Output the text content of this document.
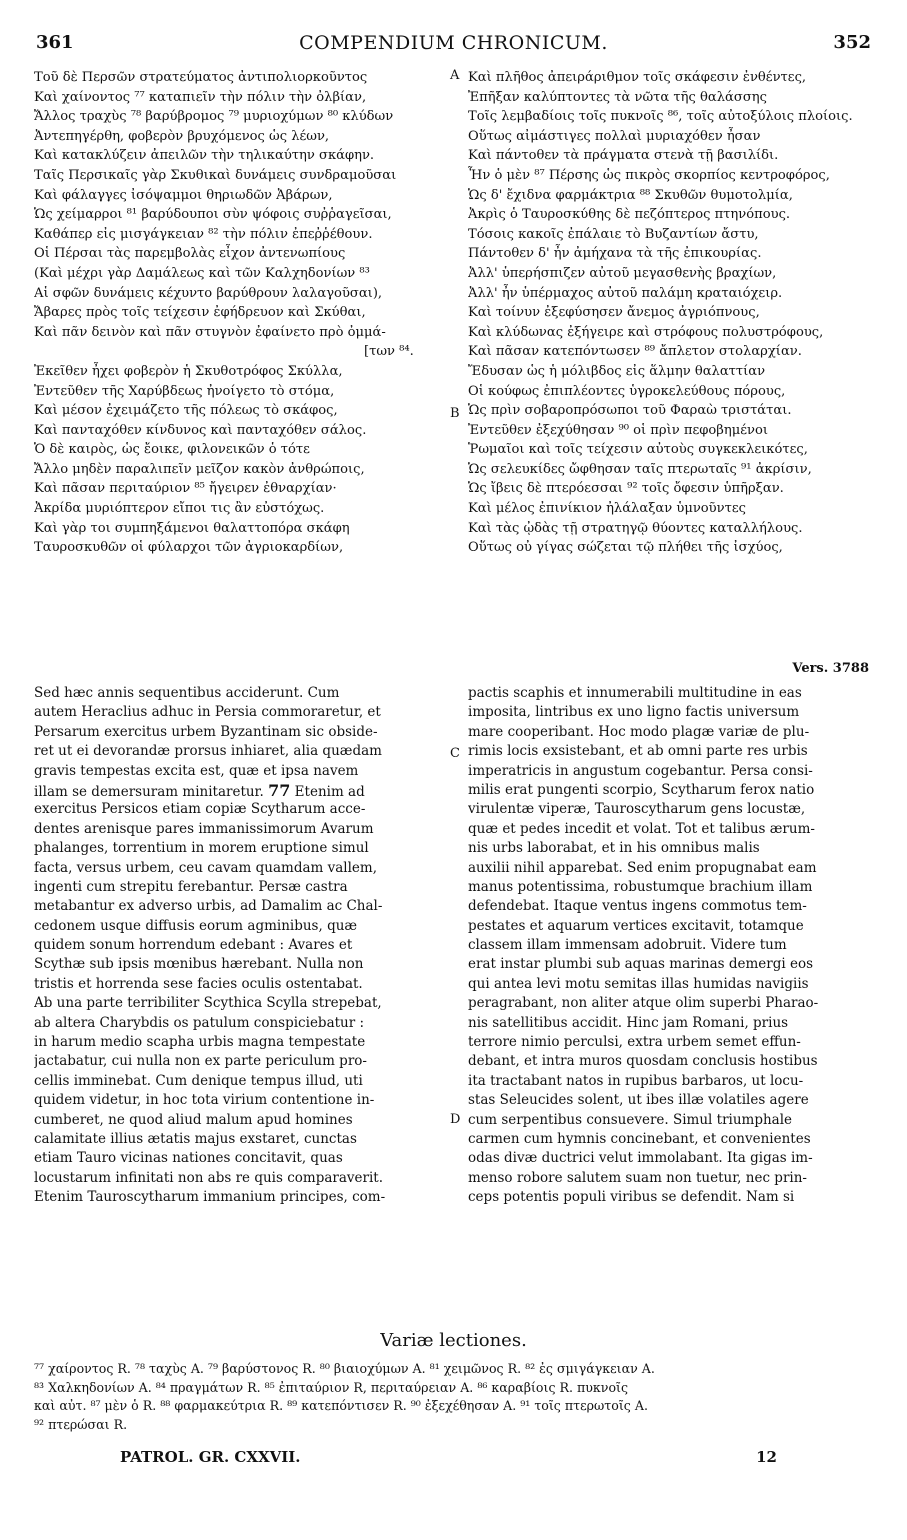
361	COMPENDIUM CHRONICUM.	352
Τοῦ δὲ Περσῶν στρατεύματος ἀντιπολιορκοῦντος
Καὶ χαίνοντος ⁷⁷ καταπιεῖν τὴν πόλιν τὴν ὀλβίαν,
Ἄλλος τραχὺς ⁷⁸ βαρύβρομος ⁷⁹ μυριοχύμων ⁸⁰ κλύδων
Ἀντεπηγέρθη, φοβερὸν βρυχόμενος ὡς λέων,
Καὶ κατακλύζειν ἀπειλῶν τὴν τηλικαύτην σκάφην.
Ταῖς Περσικαῖς γὰρ Σκυθικαὶ δυνάμεις συνδραμοῦσαι
Καὶ φάλαγγες ἰσόψαμμοι θηριωδῶν Ἀβάρων,
Ὡς χείμαρροι ⁸¹ βαρύδουποι σὺν ψόφοις συῤῥαγεῖσαι,
Καθάπερ εἰς μισγάγκειαν ⁸² τὴν πόλιν ἐπεῤῥέθουν.
Οἱ Πέρσαι τὰς παρεμβολὰς εἶχον ἀντενωπίους
(Καὶ μέχρι γὰρ Δαμάλεως καὶ τῶν Καλχηδονίων ⁸³
Αἱ σφῶν δυνάμεις κέχυντο βαρύθρουν λαλαγοῦσαι),
Ἄβαρες πρὸς τοῖς τείχεσιν ἐφήδρευον καὶ Σκύθαι,
Καὶ πᾶν δεινὸν καὶ πᾶν στυγνὸν ἐφαίνετο πρὸ ὀμμά-
[των ⁸⁴.
Ἐκεῖθεν ἦχει φοβερὸν ἡ Σκυθοτρόφος Σκύλλα,
Ἐντεῦθεν τῆς Χαρύβδεως ἠνοίγετο τὸ στόμα,
Καὶ μέσον ἐχειμάζετο τῆς πόλεως τὸ σκάφος,
Καὶ πανταχόθεν κίνδυνος καὶ πανταχόθεν σάλος.
Ὁ δὲ καιρὸς, ὡς ἔοικε, φιλονεικῶν ὁ τότε
Ἄλλο μηδὲν παραλιπεῖν μεῖζον κακὸν ἀνθρώποις,
Καὶ πᾶσαν περιταύριον ⁸⁵ ἤγειρεν ἐθναρχίαν·
Ἀκρίδα μυριόπτερον εἴποι τις ἂν εὐστόχως.
Καὶ γὰρ τοι συμπηξάμενοι θαλαττοπόρα σκάφη
Ταυροσκυθῶν οἱ φύλαρχοι τῶν ἀγριοκαρδίων,
Καὶ πλῆθος ἀπειράριθμον τοῖς σκάφεσιν ἐνθέντες,
Ἐπῆξαν καλύπτοντες τὰ νῶτα τῆς θαλάσσης
Τοῖς λεμβαδίοις τοῖς πυκνοῖς ⁸⁶, τοῖς αὐτοξύλοις πλοίοις.
Οὕτως αἰμάστιγες πολλαὶ μυριαχόθεν ἦσαν
Καὶ πάντοθεν τὰ πράγματα στενὰ τῇ βασιλίδι.
Ἦν ὁ μὲν ⁸⁷ Πέρσης ὡς πικρὸς σκορπίος κεντροφόρος,
Ὡς δ' ἔχιδνα φαρμάκτρια ⁸⁸ Σκυθῶν θυμοτολμία,
Ἀκρὶς ὁ Ταυροσκύθης δὲ πεζόπτερος πτηνόπους.
Τόσοις κακοῖς ἐπάλαιε τὸ Βυζαντίων ἄστυ,
Πάντοθεν δ' ἦν ἀμήχανα τὰ τῆς ἐπικουρίας.
Ἀλλ' ὑπερήσπιζεν αὐτοῦ μεγασθενὴς βραχίων,
Ἀλλ' ἦν ὑπέρμαχος αὐτοῦ παλάμη κραταιόχειρ.
Καὶ τοίνυν ἐξεφύσησεν ἄνεμος ἀγριόπνους,
Καὶ κλύδωνας ἐξήγειρε καὶ στρόφους πολυστρόφους,
Καὶ πᾶσαν κατεπόντωσεν ⁸⁹ ἄπλετον στολαρχίαν.
Ἔδυσαν ὡς ἡ μόλιβδος εἰς ἅλμην θαλαττίαν
Οἱ κούφως ἐπιπλέοντες ὑγροκελεύθους πόρους,
Ὡς πρὶν σοβαροπρόσωποι τοῦ Φαραὼ τριστάται.
Ἐντεῦθεν ἐξεχύθησαν ⁹⁰ οἱ πρὶν πεφοβημένοι
Ῥωμαῖοι καὶ τοῖς τείχεσιν αὐτοὺς συγκεκλεικότες,
Ὡς σελευκίδες ὤφθησαν ταῖς πτερωταῖς ⁹¹ ἀκρίσιν,
Ὡς ἴβεις δὲ πτερόεσσαι ⁹² τοῖς ὄφεσιν ὑπῆρξαν.
Καὶ μέλος ἐπινίκιον ἠλάλαξαν ὑμνοῦντες
Καὶ τὰς ᾠδὰς τῇ στρατηγῷ θύοντες καταλλήλους.
Οὕτως οὐ γίγας σώζεται τῷ πλήθει τῆς ἰσχύος,
A
B
C
D
Vers. 3788
Sed hæc annis sequentibus acciderunt. Cum
autem Heraclius adhuc in Persia commoraretur, et
Persarum exercitus urbem Byzantinam sic obside-
ret ut ei devorandæ prorsus inhiaret, alia quædam
gravis tempestas excita est, quæ et ipsa navem
illam se demersuram minitaretur. 77 Etenim ad
exercitus Persicos etiam copiæ Scytharum acce-
dentes arenisque pares immanissimorum Avarum
phalanges, torrentium in morem eruptione simul
facta, versus urbem, ceu cavam quamdam vallem,
ingenti cum strepitu ferebantur. Persæ castra
metabantur ex adverso urbis, ad Damalim ac Chal-
cedonem usque diffusis eorum agminibus, quæ
quidem sonum horrendum edebant : Avares et
Scythæ sub ipsis mœnibus hærebant. Nulla non
tristis et horrenda sese facies oculis ostentabat.
Ab una parte terribiliter Scythica Scylla strepebat,
ab altera Charybdis os patulum conspiciebatur :
in harum medio scapha urbis magna tempestate
jactabatur, cui nulla non ex parte periculum pro-
cellis imminebat. Cum denique tempus illud, uti
quidem videtur, in hoc tota virium contentione in-
cumberet, ne quod aliud malum apud homines
calamitate illius ætatis majus exstaret, cunctas
etiam Tauro vicinas nationes concitavit, quas
locustarum infinitati non abs re quis comparaverit.
Etenim Tauroscytharum immanium principes, com-
pactis scaphis et innumerabili multitudine in eas
imposita, lintribus ex uno ligno factis universum
mare cooperibant. Hoc modo plagæ variæ de plu-
rimis locis exsistebant, et ab omni parte res urbis
imperatricis in angustum cogebantur. Persa consi-
milis erat pungenti scorpio, Scytharum ferox natio
virulentæ viperæ, Tauroscytharum gens locustæ,
quæ et pedes incedit et volat. Tot et talibus ærum-
nis urbs laborabat, et in his omnibus malis
auxilii nihil apparebat. Sed enim propugnabat eam
manus potentissima, robustumque brachium illam
defendebat. Itaque ventus ingens commotus tem-
pestates et aquarum vertices excitavit, totamque
classem illam immensam adobruit. Videre tum
erat instar plumbi sub aquas marinas demergi eos
qui antea levi motu semitas illas humidas navigiis
peragrabant, non aliter atque olim superbi Pharao-
nis satellitibus accidit. Hinc jam Romani, prius
terrore nimio perculsi, extra urbem semet effun-
debant, et intra muros quosdam conclusis hostibus
ita tractabant natos in rupibus barbaros, ut locu-
stas Seleucides solent, ut ibes illæ volatiles agere
cum serpentibus consuevere. Simul triumphale
carmen cum hymnis concinebant, et convenientes
odas divæ ductrici velut immolabant. Ita gigas im-
menso robore salutem suam non tuetur, nec prin-
ceps potentis populi viribus se defendit. Nam si
Variæ lectiones.
⁷⁷ χαίροντος R. ⁷⁸ ταχὺς A. ⁷⁹ βαρύστονος R. ⁸⁰ βιαιοχύμων A. ⁸¹ χειμῶνος R. ⁸² ἐς σμιγάγκειαν A.
⁸³ Χαλκηδονίων A. ⁸⁴ πραγμάτων R. ⁸⁵ ἐπιταύριον R, περιταύρειαν A. ⁸⁶ καραβίοις R. πυκνοῖς
καὶ αὐτ. ⁸⁷ μὲν ὁ R. ⁸⁸ φαρμακεύτρια R. ⁸⁹ κατεπόντισεν R. ⁹⁰ ἐξεχέθησαν A. ⁹¹ τοῖς πτερωτοῖς A.
⁹² πτερώσαι R.
PATROL. GR. CXXVII.	12
